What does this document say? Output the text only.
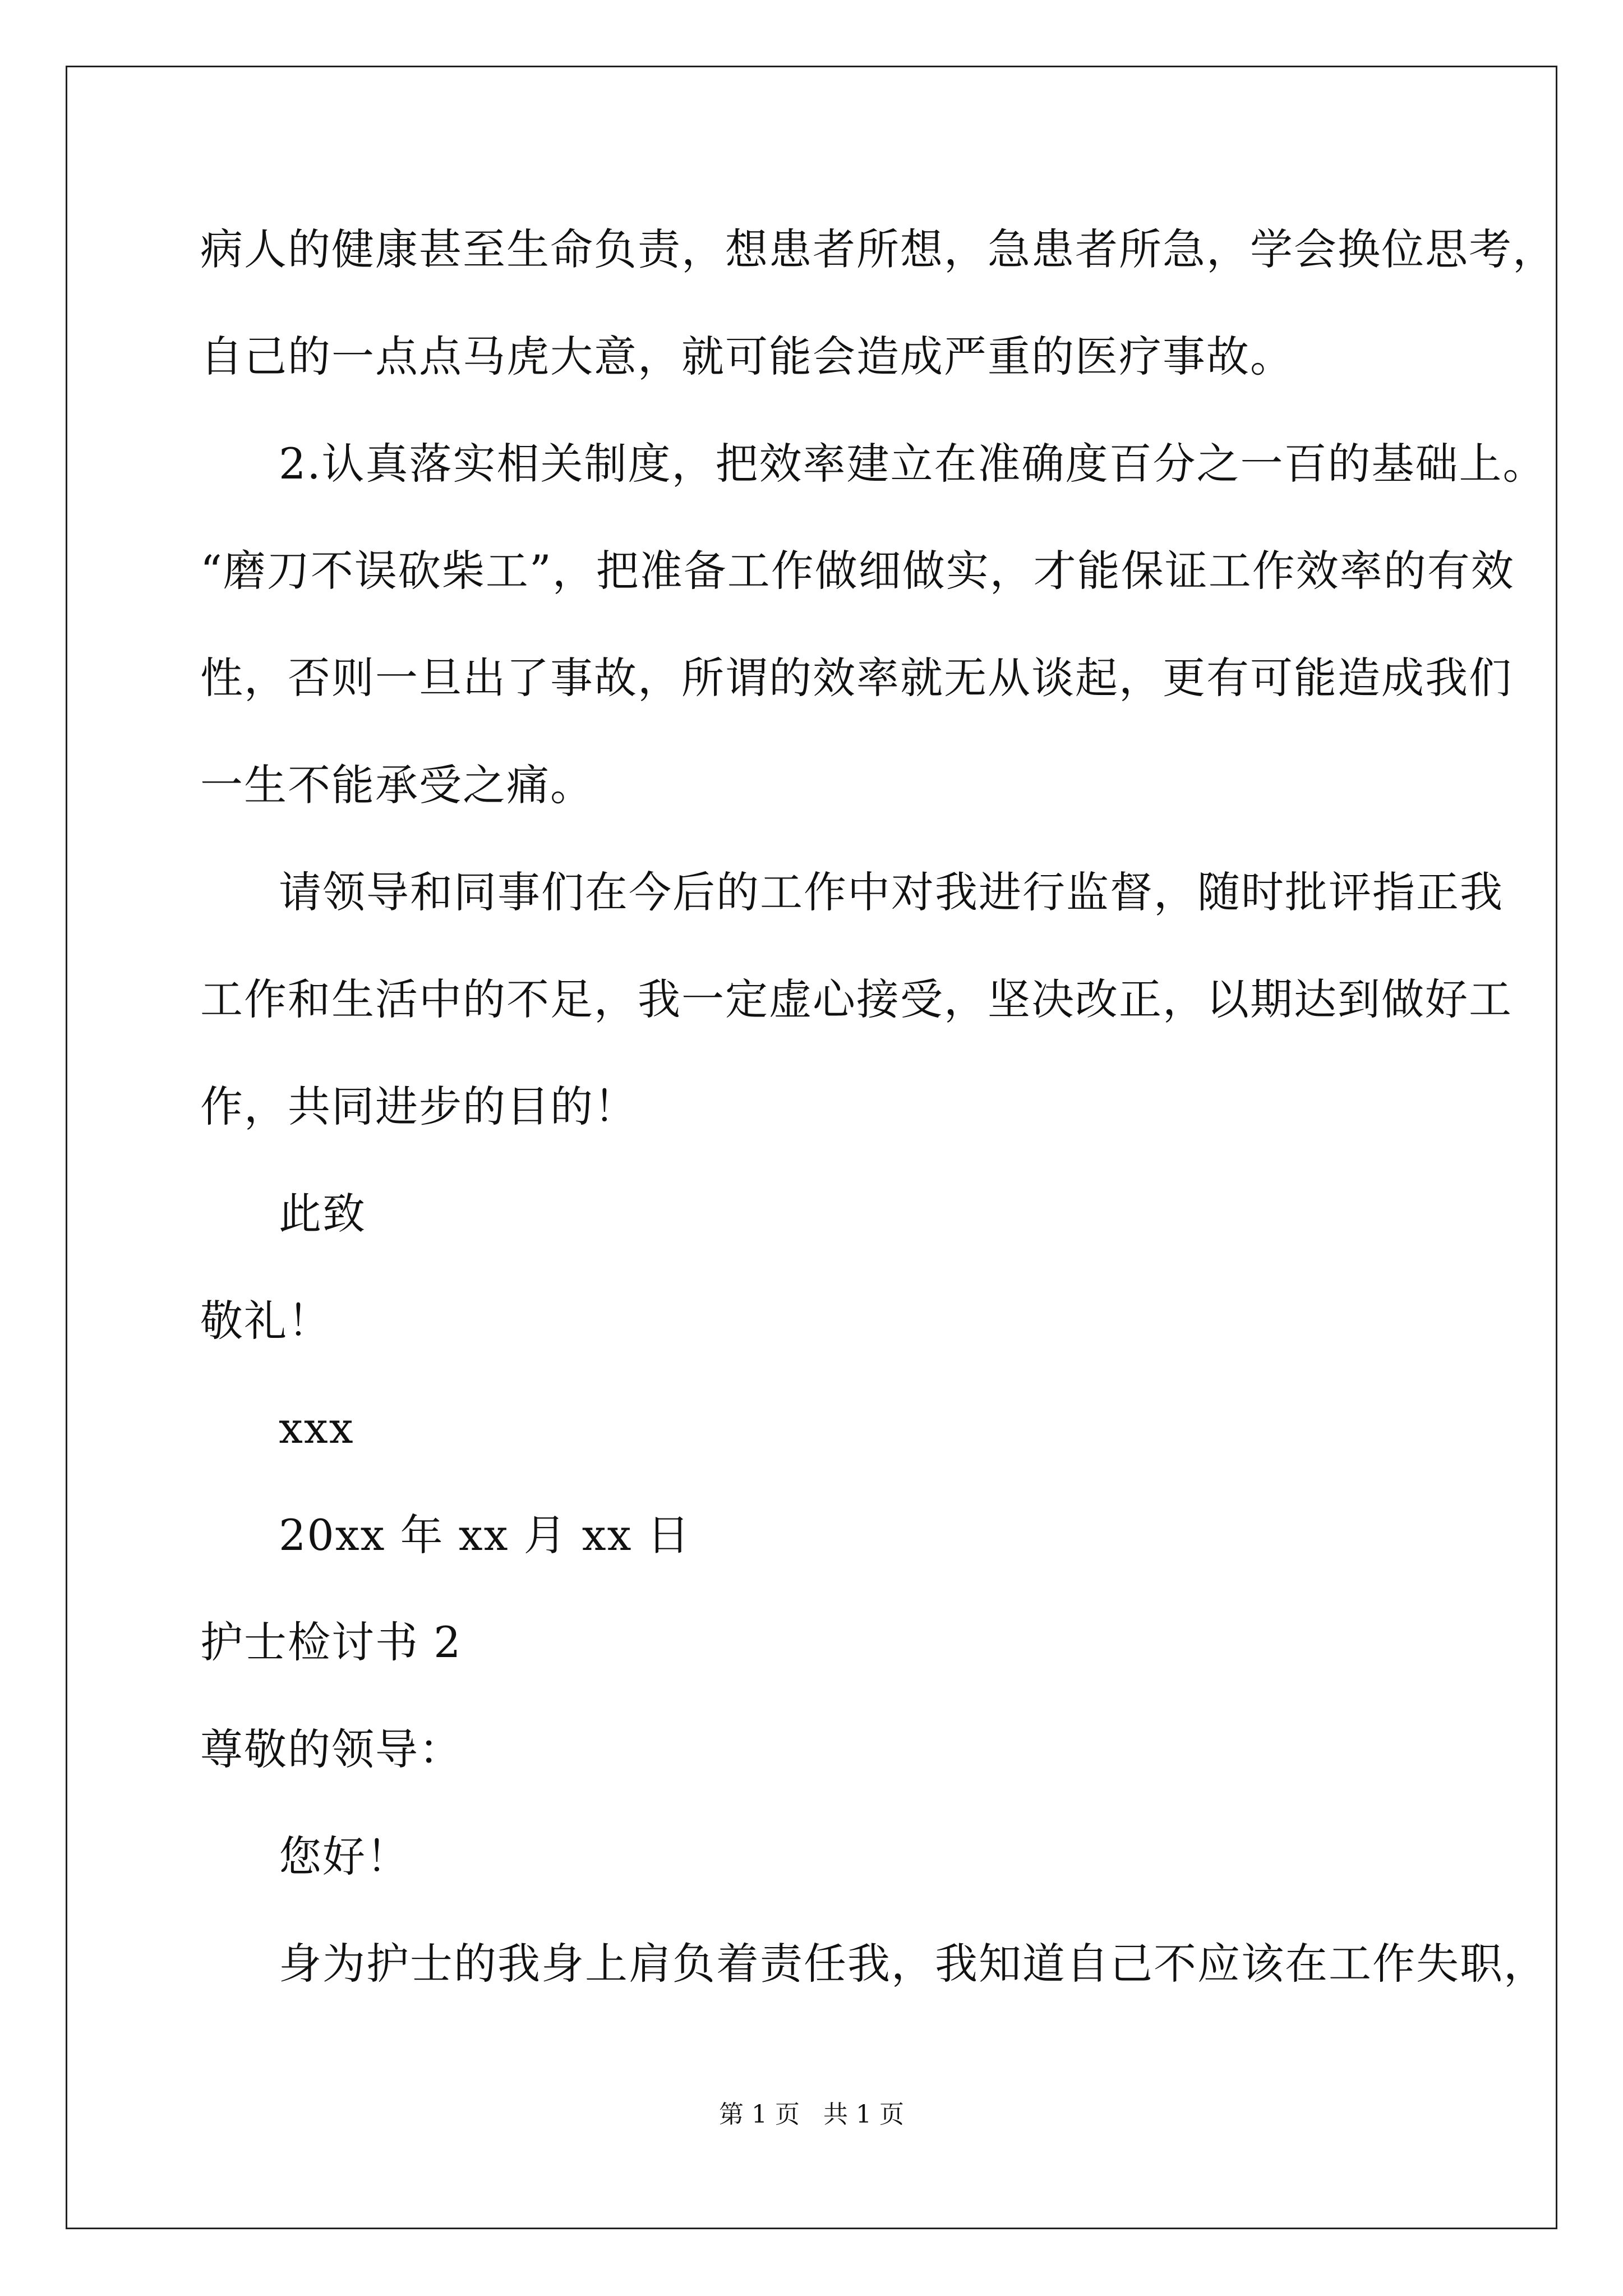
病人的健康甚至生命负责，想患者所想，急患者所急，学会换位思考，
自己的一点点马虎大意，就可能会造成严重的医疗事故。
2.认真落实相关制度，把效率建立在准确度百分之一百的基础上。
“磨刀不误砍柴工”，把准备工作做细做实，才能保证工作效率的有效
性，否则一旦出了事故，所谓的效率就无从谈起，更有可能造成我们
一生不能承受之痛。
请领导和同事们在今后的工作中对我进行监督，随时批评指正我
工作和生活中的不足，我一定虚心接受，坚决改正，以期达到做好工
作，共同进步的目的！
此致
敬礼！
xxx
20xx 年 xx 月 xx 日
护士检讨书 2
尊敬的领导：
您好！
身为护士的我身上肩负着责任我，我知道自己不应该在工作失职，
第 1 页   共 1 页
